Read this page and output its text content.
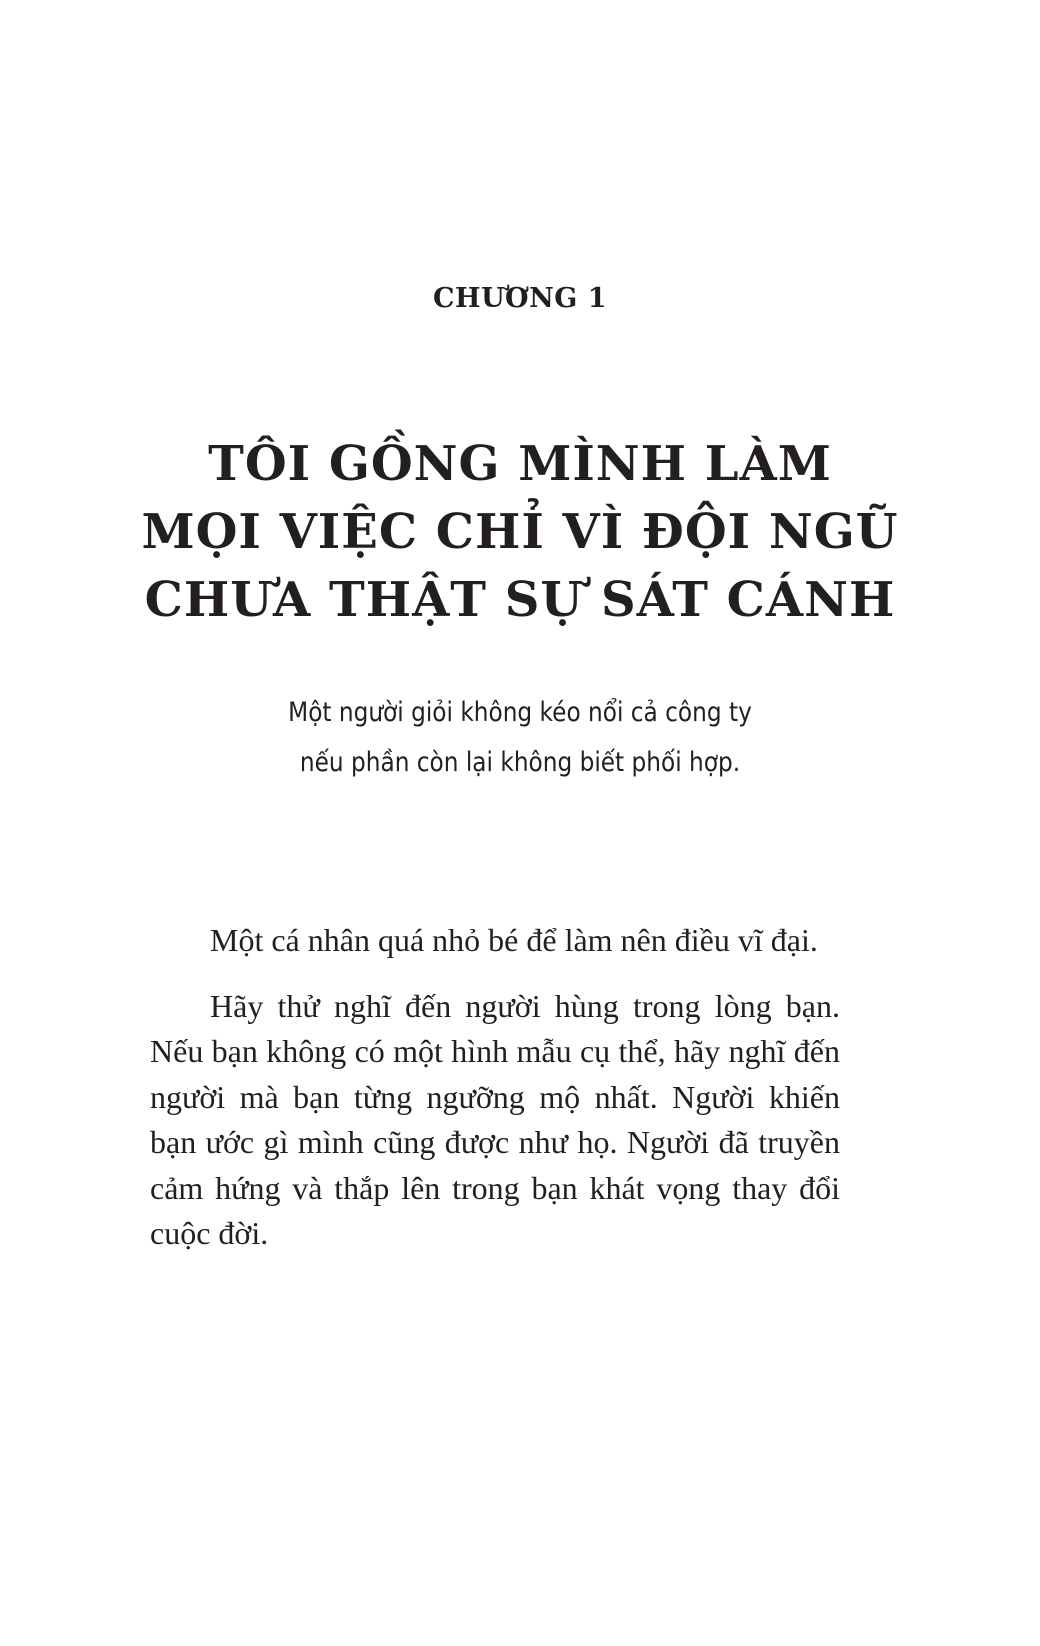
CHƯƠNG 1
TÔI GỒNG MÌNH LÀM
MỌI VIỆC CHỈ VÌ ĐỘI NGŨ
CHƯA THẬT SỰ SÁT CÁNH
Một người giỏi không kéo nổi cả công ty
nếu phần còn lại không biết phối hợp.

Một cá nhân quá nhỏ bé để làm nên điều vĩ đại.

Hãy thử nghĩ đến người hùng trong lòng bạn. Nếu bạn không có một hình mẫu cụ thể, hãy nghĩ đến người mà bạn từng ngưỡng mộ nhất. Người khiến bạn ước gì mình cũng được như họ. Người đã truyền cảm hứng và thắp lên trong bạn khát vọng thay đổi cuộc đời.
